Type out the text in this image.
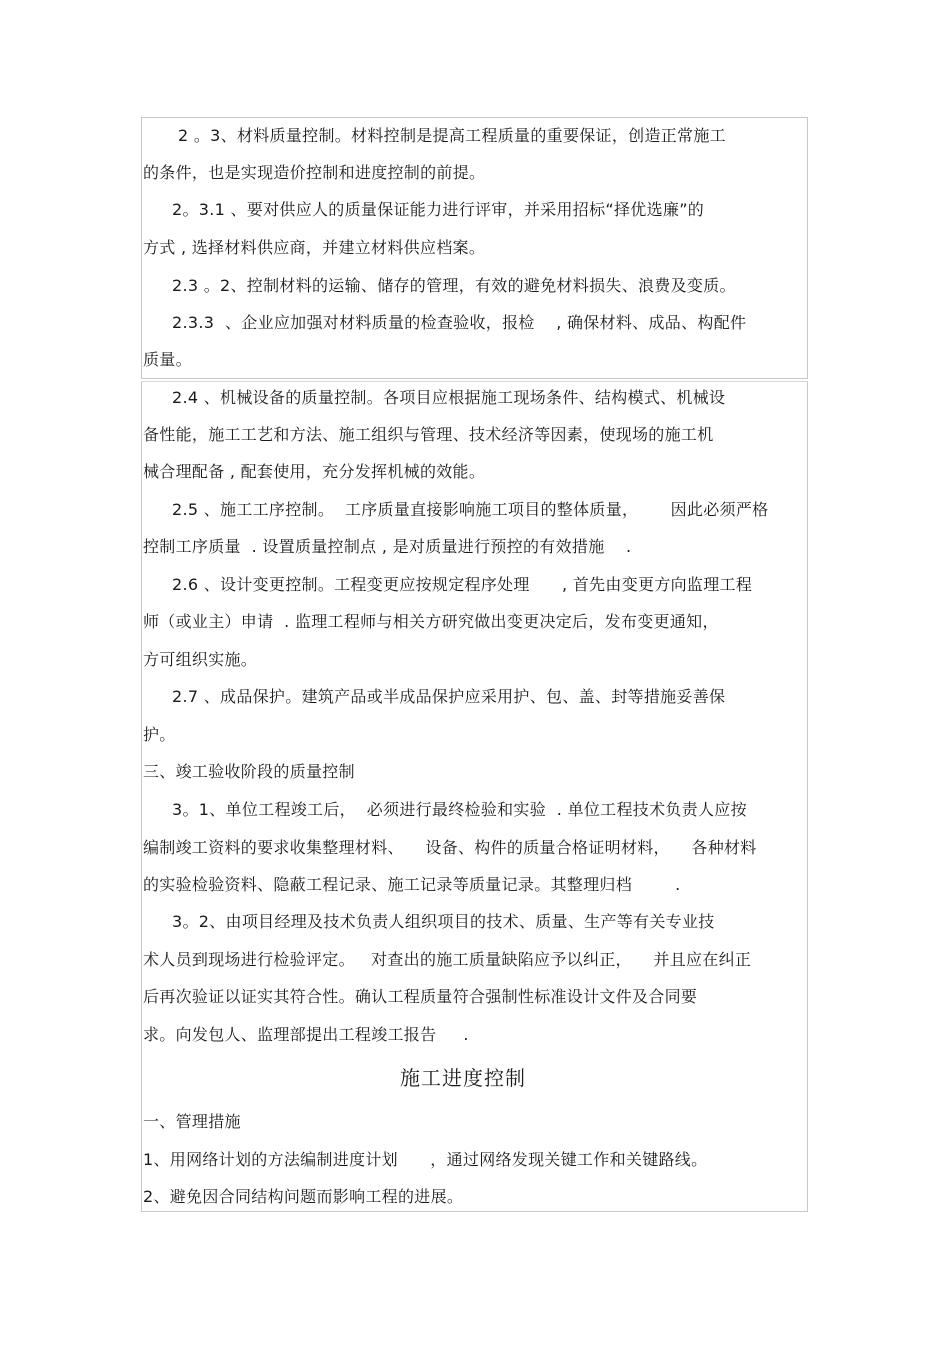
2 。3、材料质量控制。材料控制是提高工程质量的重要保证，创造正常施工
的条件，也是实现造价控制和进度控制的前提。
2。3.1 、要对供应人的质量保证能力进行评审，并采用招标“择优选廉”的
方式 , 选择材料供应商，并建立材料供应档案。
2.3 。2、控制材料的运输、储存的管理，有效的避免材料损失、浪费及变质。
2.3.3  、企业应加强对材料质量的检查验收，报检    , 确保材料、成品、构配件
质量。
2.4 、机械设备的质量控制。各项目应根据施工现场条件、结构模式、机械设
备性能，施工工艺和方法、施工组织与管理、技术经济等因素，使现场的施工机
械合理配备 , 配套使用，充分发挥机械的效能。
2.5 、施工工序控制。  工序质量直接影响施工项目的整体质量，      因此必须严格
控制工序质量  . 设置质量控制点 , 是对质量进行预控的有效措施    .
2.6 、设计变更控制。工程变更应按规定程序处理      , 首先由变更方向监理工程
师（或业主）申请  . 监理工程师与相关方研究做出变更决定后，发布变更通知，
方可组织实施。
2.7 、成品保护。建筑产品或半成品保护应采用护、包、盖、封等措施妥善保
护。
三、竣工验收阶段的质量控制
3。1、单位工程竣工后，  必须进行最终检验和实验  . 单位工程技术负责人应按
编制竣工资料的要求收集整理材料、    设备、构件的质量合格证明材料，    各种材料
的实验检验资料、隐蔽工程记录、施工记录等质量记录。其整理归档        .
3。2、由项目经理及技术负责人组织项目的技术、质量、生产等有关专业技
术人员到现场进行检验评定。   对查出的施工质量缺陷应予以纠正，    并且应在纠正
后再次验证以证实其符合性。确认工程质量符合强制性标准设计文件及合同要
求。向发包人、监理部提出工程竣工报告     .
施工进度控制
一、管理措施
1、用网络计划的方法编制进度计划      ，通过网络发现关键工作和关键路线。
2、避免因合同结构问题而影响工程的进展。
